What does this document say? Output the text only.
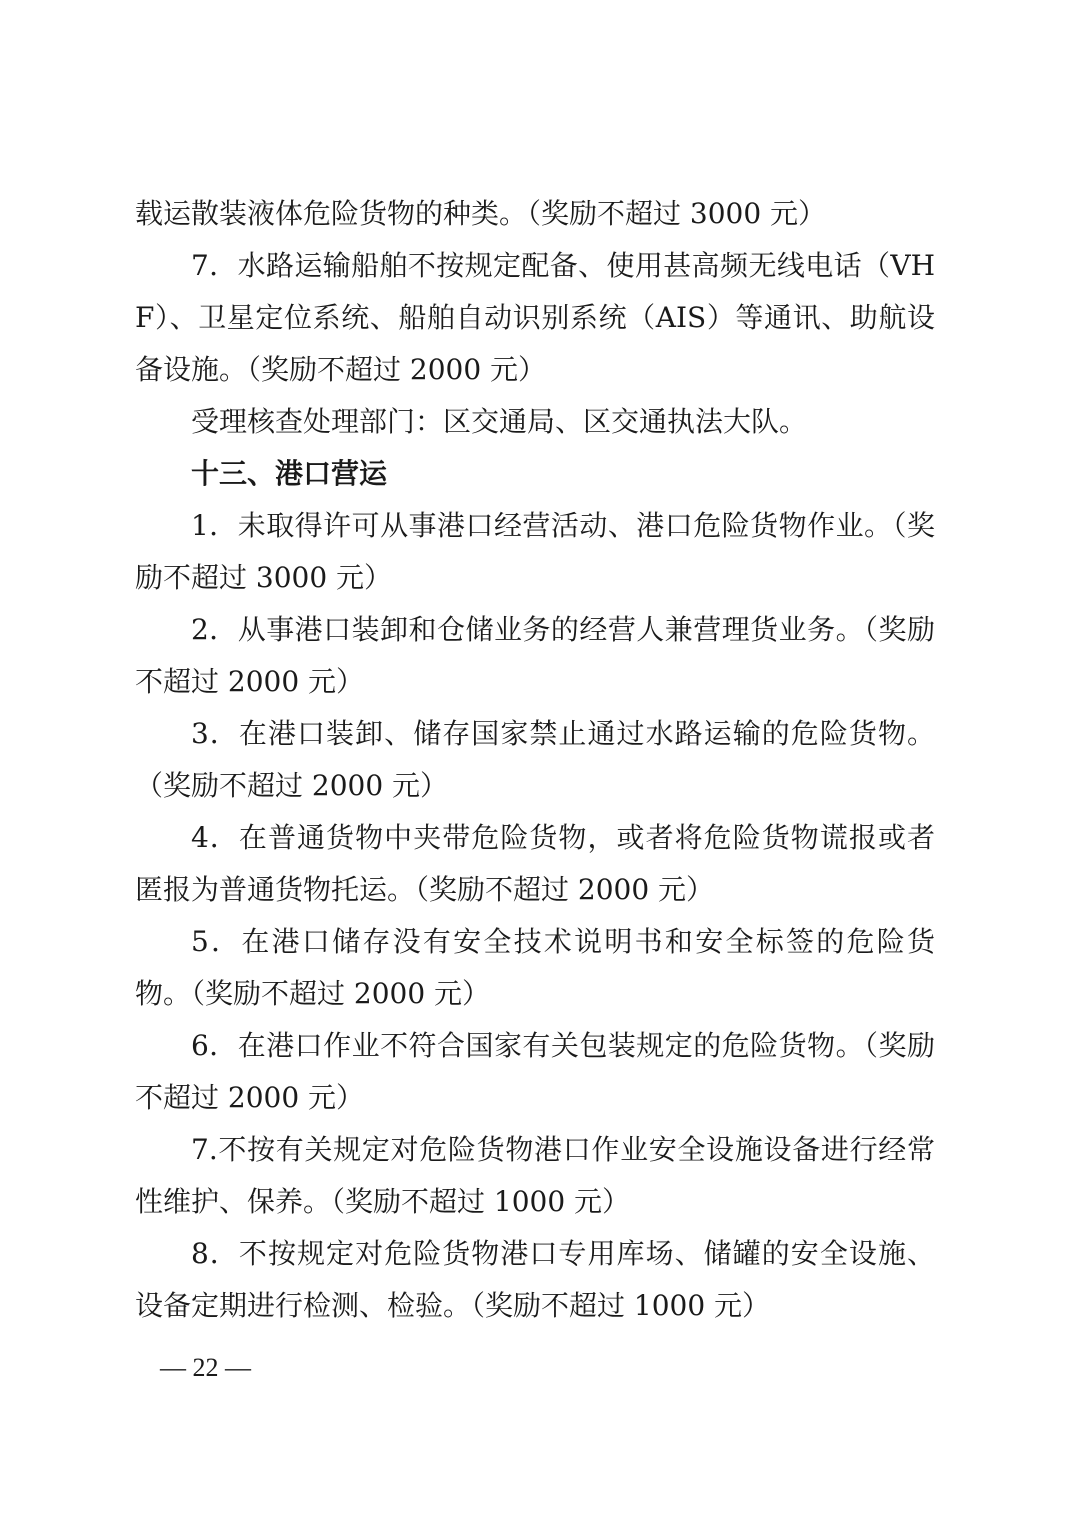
载运散装液体危险货物的种类。（奖励不超过 3000 元）

7．水路运输船舶不按规定配备、使用甚高频无线电话（VHF）、卫星定位系统、船舶自动识别系统（AIS）等通讯、助航设备设施。（奖励不超过 2000 元）

受理核查处理部门：区交通局、区交通执法大队。

十三、港口营运

1．未取得许可从事港口经营活动、港口危险货物作业。（奖励不超过 3000 元）

2．从事港口装卸和仓储业务的经营人兼营理货业务。（奖励不超过 2000 元）

3．在港口装卸、储存国家禁止通过水路运输的危险货物。（奖励不超过 2000 元）

4．在普通货物中夹带危险货物，或者将危险货物谎报或者匿报为普通货物托运。（奖励不超过 2000 元）

5．在港口储存没有安全技术说明书和安全标签的危险货物。（奖励不超过 2000 元）

6．在港口作业不符合国家有关包装规定的危险货物。（奖励不超过 2000 元）

7.不按有关规定对危险货物港口作业安全设施设备进行经常性维护、保养。（奖励不超过 1000 元）

8．不按规定对危险货物港口专用库场、储罐的安全设施、设备定期进行检测、检验。（奖励不超过 1000 元）

— 22 —
